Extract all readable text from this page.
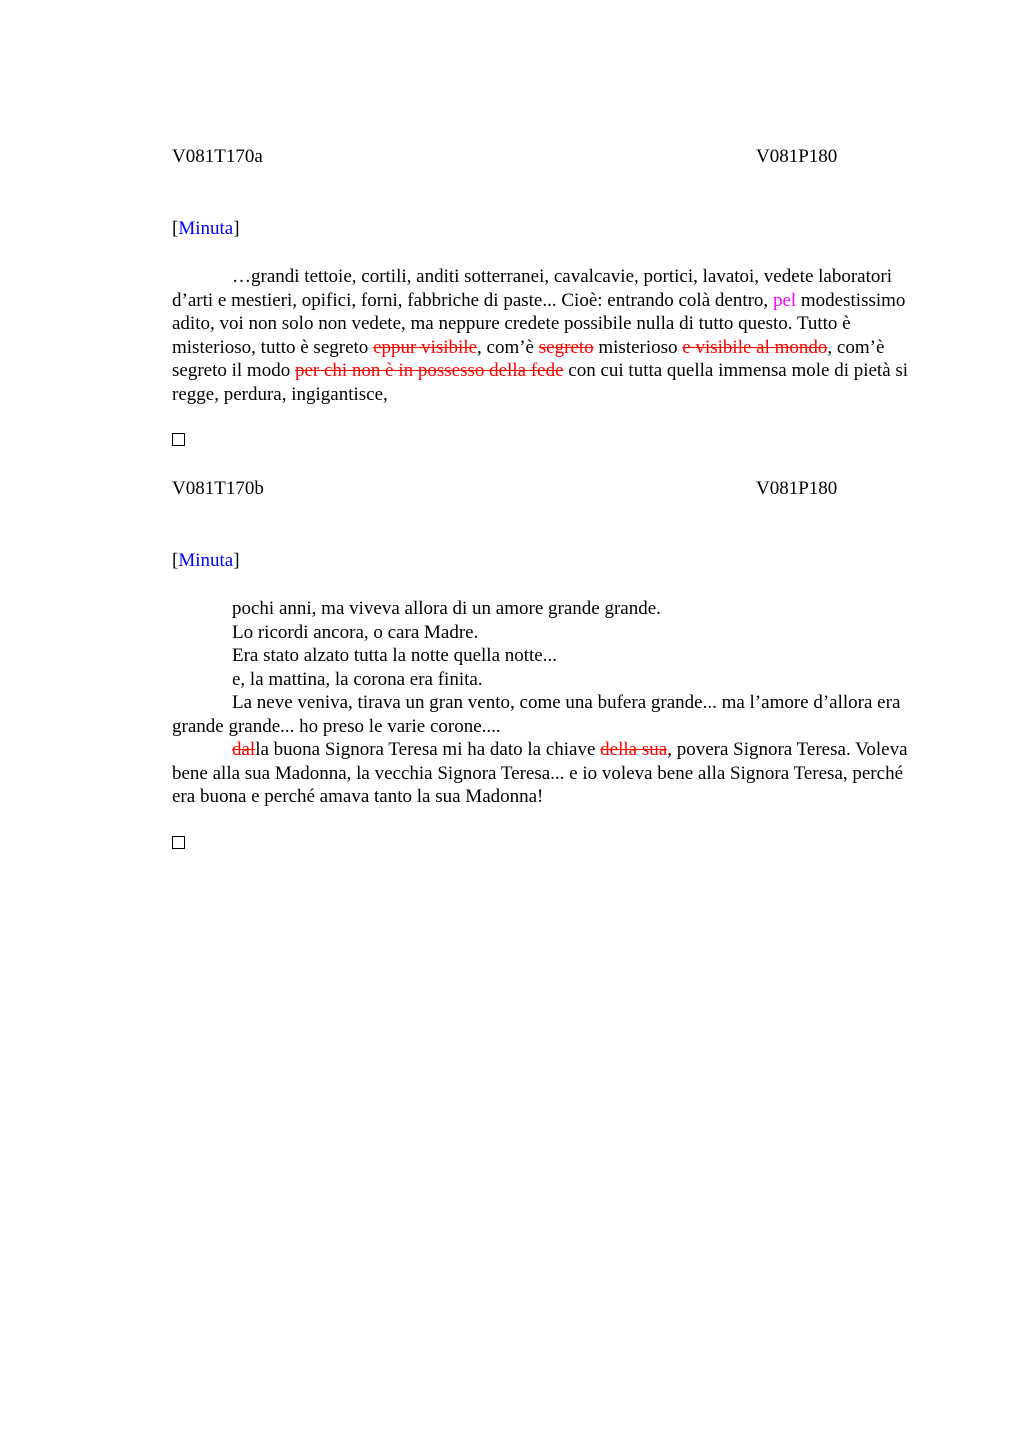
V081T170a	V081P180
[Minuta]

…grandi tettoie, cortili, anditi sotterranei, cavalcavie, portici, lavatoi, vedete laboratori d’arti e mestieri, opifici, forni, fabbriche di paste... Cioè: entrando colà dentro, pel modestissimo adito, voi non solo non vedete, ma neppure credete possibile nulla di tutto questo. Tutto è misterioso, tutto è segreto eppur visibile, com’è segreto misterioso e visibile al mondo, com’è segreto il modo per chi non è in possesso della fede con cui tutta quella immensa mole di pietà si regge, perdura, ingigantisce,

V081T170b	V081P180
[Minuta]

pochi anni, ma viveva allora di un amore grande grande.

Lo ricordi ancora, o cara Madre.

Era stato alzato tutta la notte quella notte...

e, la mattina, la corona era finita.

La neve veniva, tirava un gran vento, come una bufera grande... ma l’amore d’allora era grande grande... ho preso le varie corone....

dalla buona Signora Teresa mi ha dato la chiave della sua, povera Signora Teresa. Voleva bene alla sua Madonna, la vecchia Signora Teresa... e io voleva bene alla Signora Teresa, perché era buona e perché amava tanto la sua Madonna!
